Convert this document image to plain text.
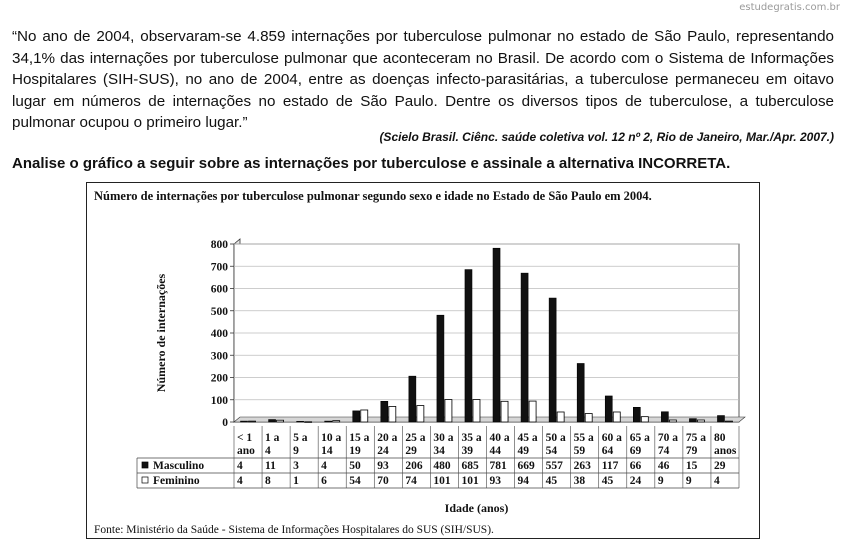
estudegratis.com.br
“No ano de 2004, observaram-se 4.859 internações por tuberculose pulmonar no estado de São Paulo, representando 34,1% das internações por tuberculose pulmonar que aconteceram no Brasil. De acordo com o Sistema de Informações Hospitalares (SIH-SUS), no ano de 2004, entre as doenças infecto-parasitárias, a tuberculose permaneceu em oitavo lugar em números de internações no estado de São Paulo. Dentre os diversos tipos de tuberculose, a tuberculose pulmonar ocupou o primeiro lugar.”
(Scielo Brasil. Ciênc. saúde coletiva vol. 12 nº 2, Rio de Janeiro, Mar./Apr. 2007.)
Analise o gráfico a seguir sobre as internações por tuberculose e assinale a alternativa INCORRETA.
Número de internações por tuberculose pulmonar segundo sexo e idade no Estado de São Paulo em 2004.
0
100
200
300
400
500
600
700
800
< 1
ano
1 a
4
5 a
9
10 a
14
15 a
19
20 a
24
25 a
29
30 a
34
35 a
39
40 a
44
45 a
49
50 a
54
55 a
59
60 a
64
65 a
69
70 a
74
75 a
79
80
anos
Masculino	4 11 3 4 50 93 206 480 685 781 669 557 263 117 66 46 15 29
Feminino	4 8 1 6 54 70 74 101 101 93 94 45 38 45 24 9 9 4
Idade (anos)
Número de internações
Fonte: Ministério da Saúde - Sistema de Informações Hospitalares do SUS (SIH/SUS).
